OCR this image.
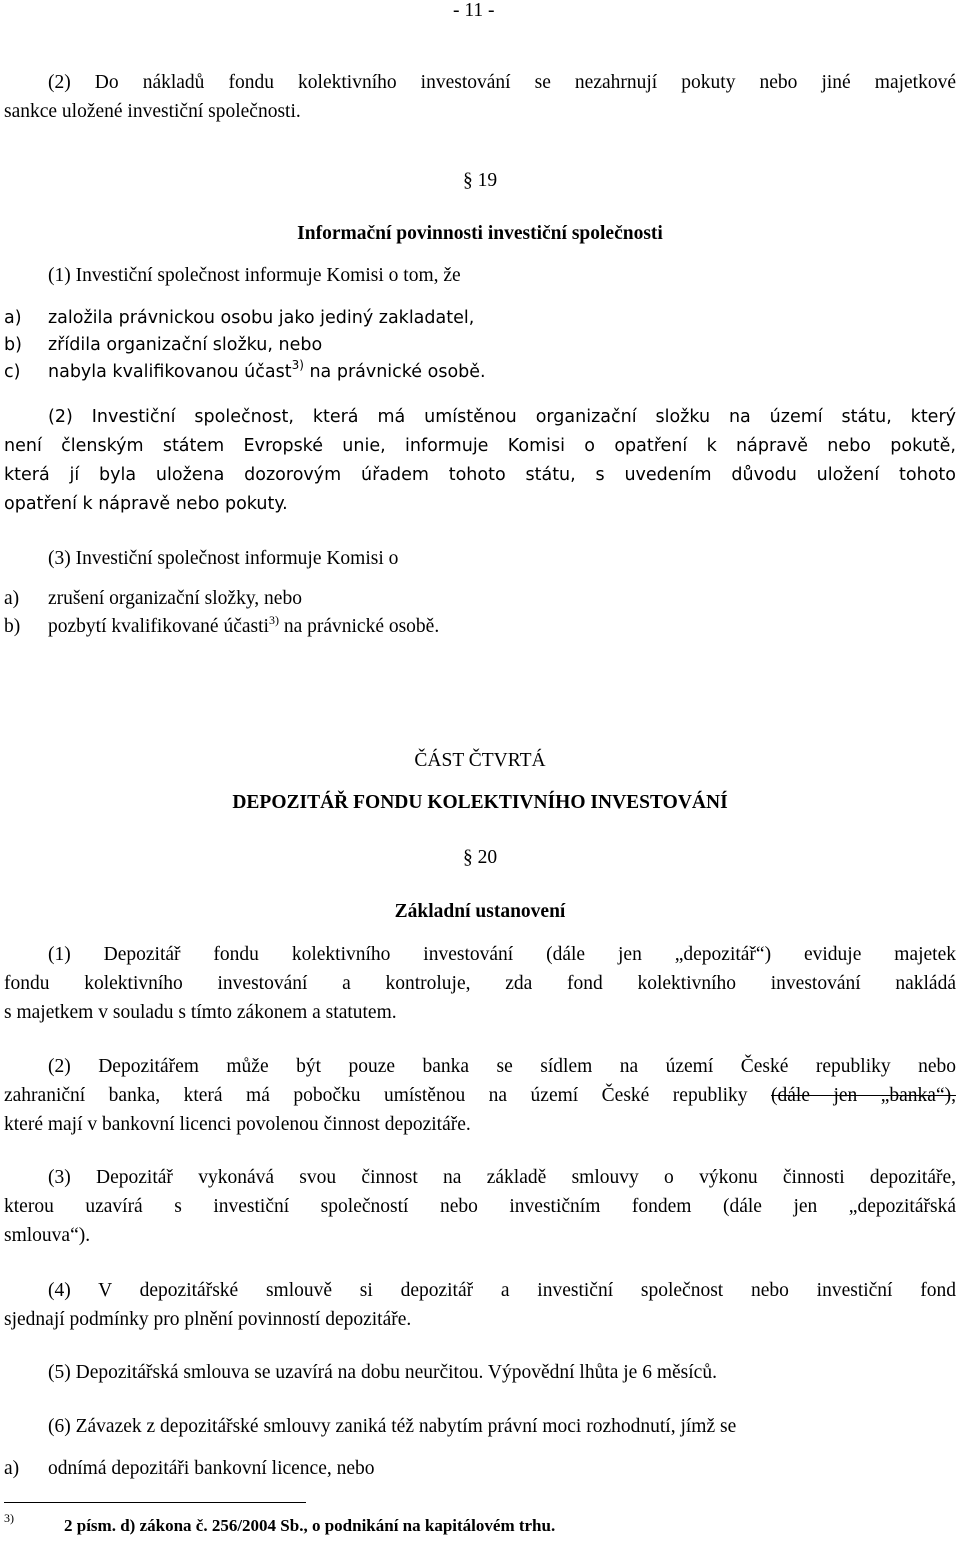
- 11 -
(2) Do nákladů fondu kolektivního investování se nezahrnují pokuty nebo jiné majetkové
sankce uložené investiční společnosti.
§ 19
Informační povinnosti investiční společnosti
(1) Investiční společnost informuje Komisi o tom, že
a) založila právnickou osobu jako jediný zakladatel,
b) zřídila organizační složku, nebo
c) nabyla kvalifikovanou účast$^{3)}$ na právnické osobě.
(2) Investiční společnost, která má umístěnou organizační složku na území státu, který
není členským státem Evropské unie, informuje Komisi o opatření k nápravě nebo pokutě,
která jí byla uložena dozorovým úřadem tohoto státu, s uvedením důvodu uložení tohoto
opatření k nápravě nebo pokuty.
(3) Investiční společnost informuje Komisi o
a) zrušení organizační složky, nebo
b) pozbytí kvalifikované účasti$^{3)}$ na právnické osobě.
ČÁST ČTVRTÁ
DEPOZITÁŘ FONDU KOLEKTIVNÍHO INVESTOVÁNÍ
§ 20
Základní ustanovení
(1) Depozitář fondu kolektivního investování (dále jen „depozitář“) eviduje majetek
fondu kolektivního investování a kontroluje, zda fond kolektivního investování nakládá
s majetkem v souladu s tímto zákonem a statutem.
(2) Depozitářem může být pouze banka se sídlem na území České republiky nebo
zahraniční banka, která má pobočku umístěnou na území České republiky (dále jen „banka“),
které mají v bankovní licenci povolenou činnost depozitáře.
(3) Depozitář vykonává svou činnost na základě smlouvy o výkonu činnosti depozitáře,
kterou uzavírá s investiční společností nebo investičním fondem (dále jen „depozitářská
smlouva“).
(4) V depozitářské smlouvě si depozitář a investiční společnost nebo investiční fond
sjednají podmínky pro plnění povinností depozitáře.
(5) Depozitářská smlouva se uzavírá na dobu neurčitou. Výpovědní lhůta je 6 měsíců.
(6) Závazek z depozitářské smlouvy zaniká též nabytím právní moci rozhodnutí, jímž se
a) odnímá depozitáři bankovní licence, nebo
3)	2 písm. d) zákona č. 256/2004 Sb., o podnikání na kapitálovém trhu.
